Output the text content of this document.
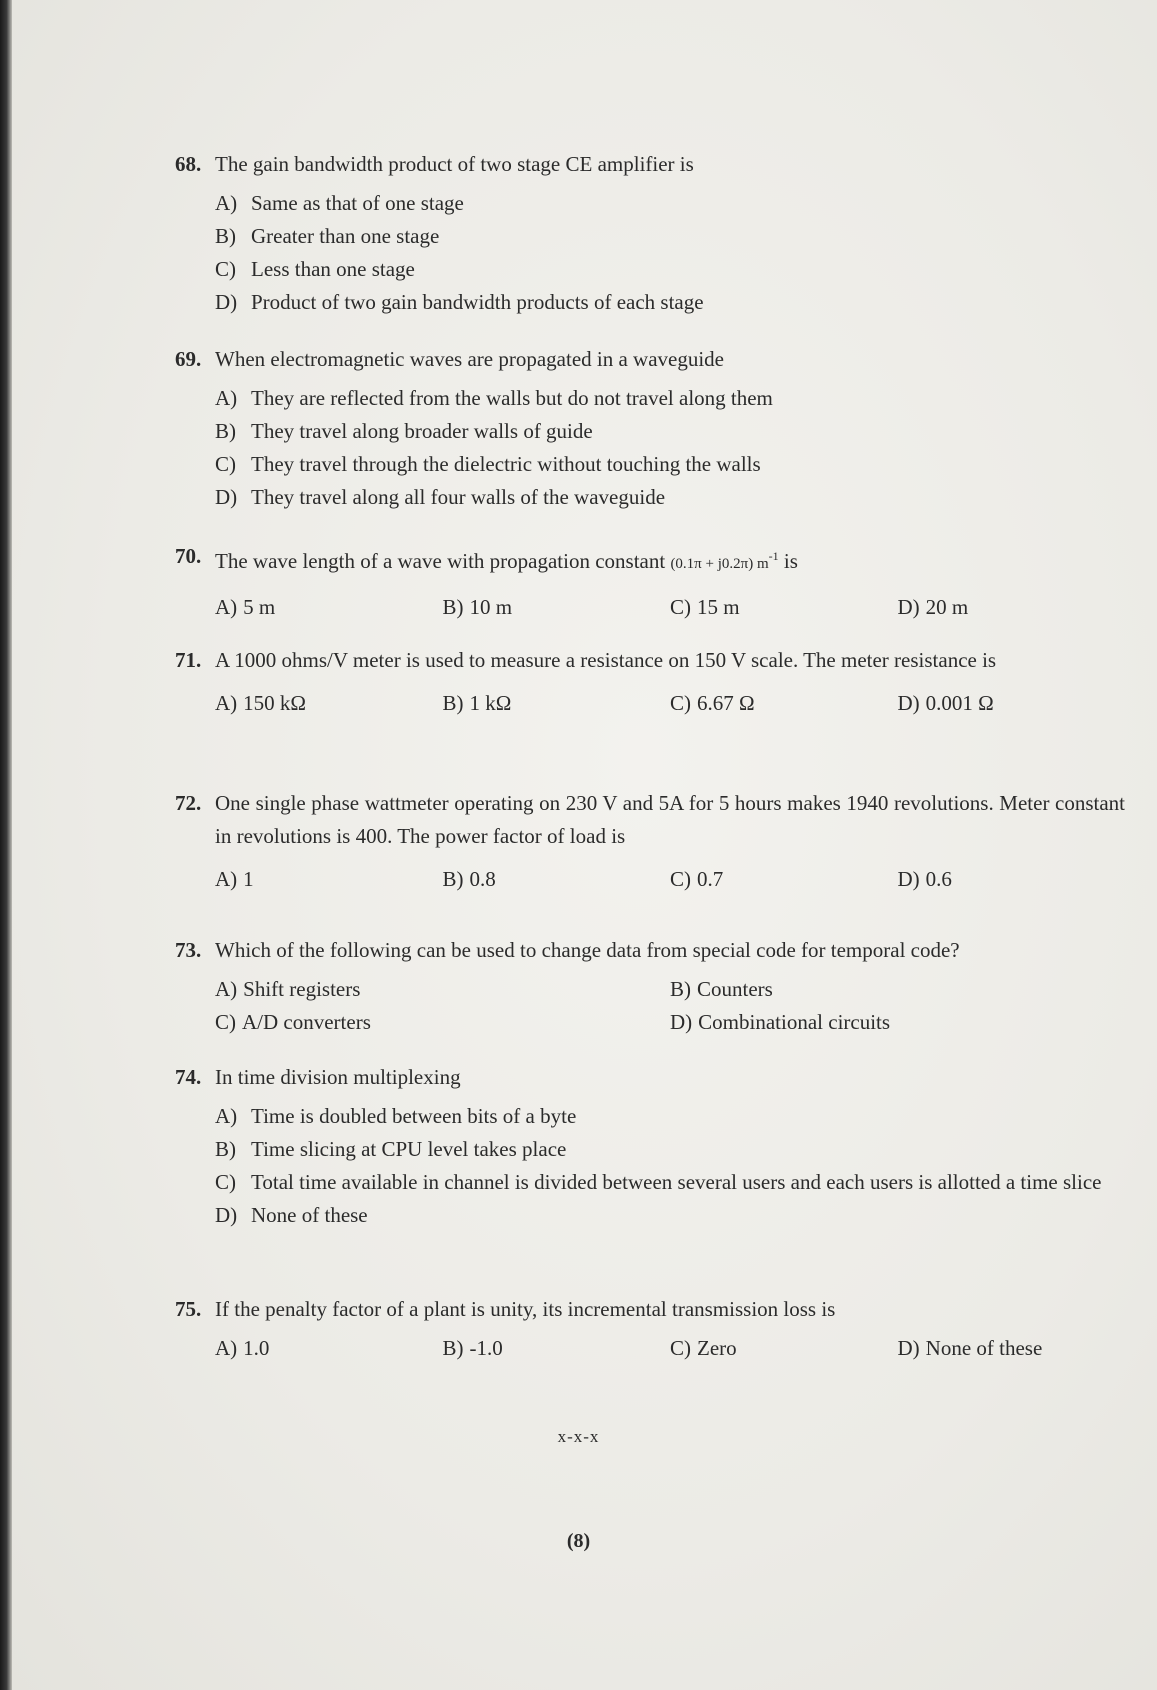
68. The gain bandwidth product of two stage CE amplifier is
A) Same as that of one stage
B) Greater than one stage
C) Less than one stage
D) Product of two gain bandwidth products of each stage
69. When electromagnetic waves are propagated in a waveguide
A) They are reflected from the walls but do not travel along them
B) They travel along broader walls of guide
C) They travel through the dielectric without touching the walls
D) They travel along all four walls of the waveguide
70. The wave length of a wave with propagation constant (0.1π + j0.2π) $m^{-1}$ is
A) 5 m	B) 10 m	C) 15 m	D) 20 m
71. A 1000 ohms/V meter is used to measure a resistance on 150 V scale. The meter resistance is
A) 150 kΩ	B) 1 kΩ	C) 6.67 Ω	D) 0.001 Ω
72. One single phase wattmeter operating on 230 V and 5A for 5 hours makes 1940 revolutions. Meter constant in revolutions is 400. The power factor of load is
A) 1	B) 0.8	C) 0.7	D) 0.6
73. Which of the following can be used to change data from special code for temporal code?
A) Shift registers	B) Counters
C) A/D converters	D) Combinational circuits
74. In time division multiplexing
A) Time is doubled between bits of a byte
B) Time slicing at CPU level takes place
C) Total time available in channel is divided between several users and each users is allotted a time slice
D) None of these
75. If the penalty factor of a plant is unity, its incremental transmission loss is
A) 1.0	B) -1.0	C) Zero	D) None of these
x-x-x
(8)
